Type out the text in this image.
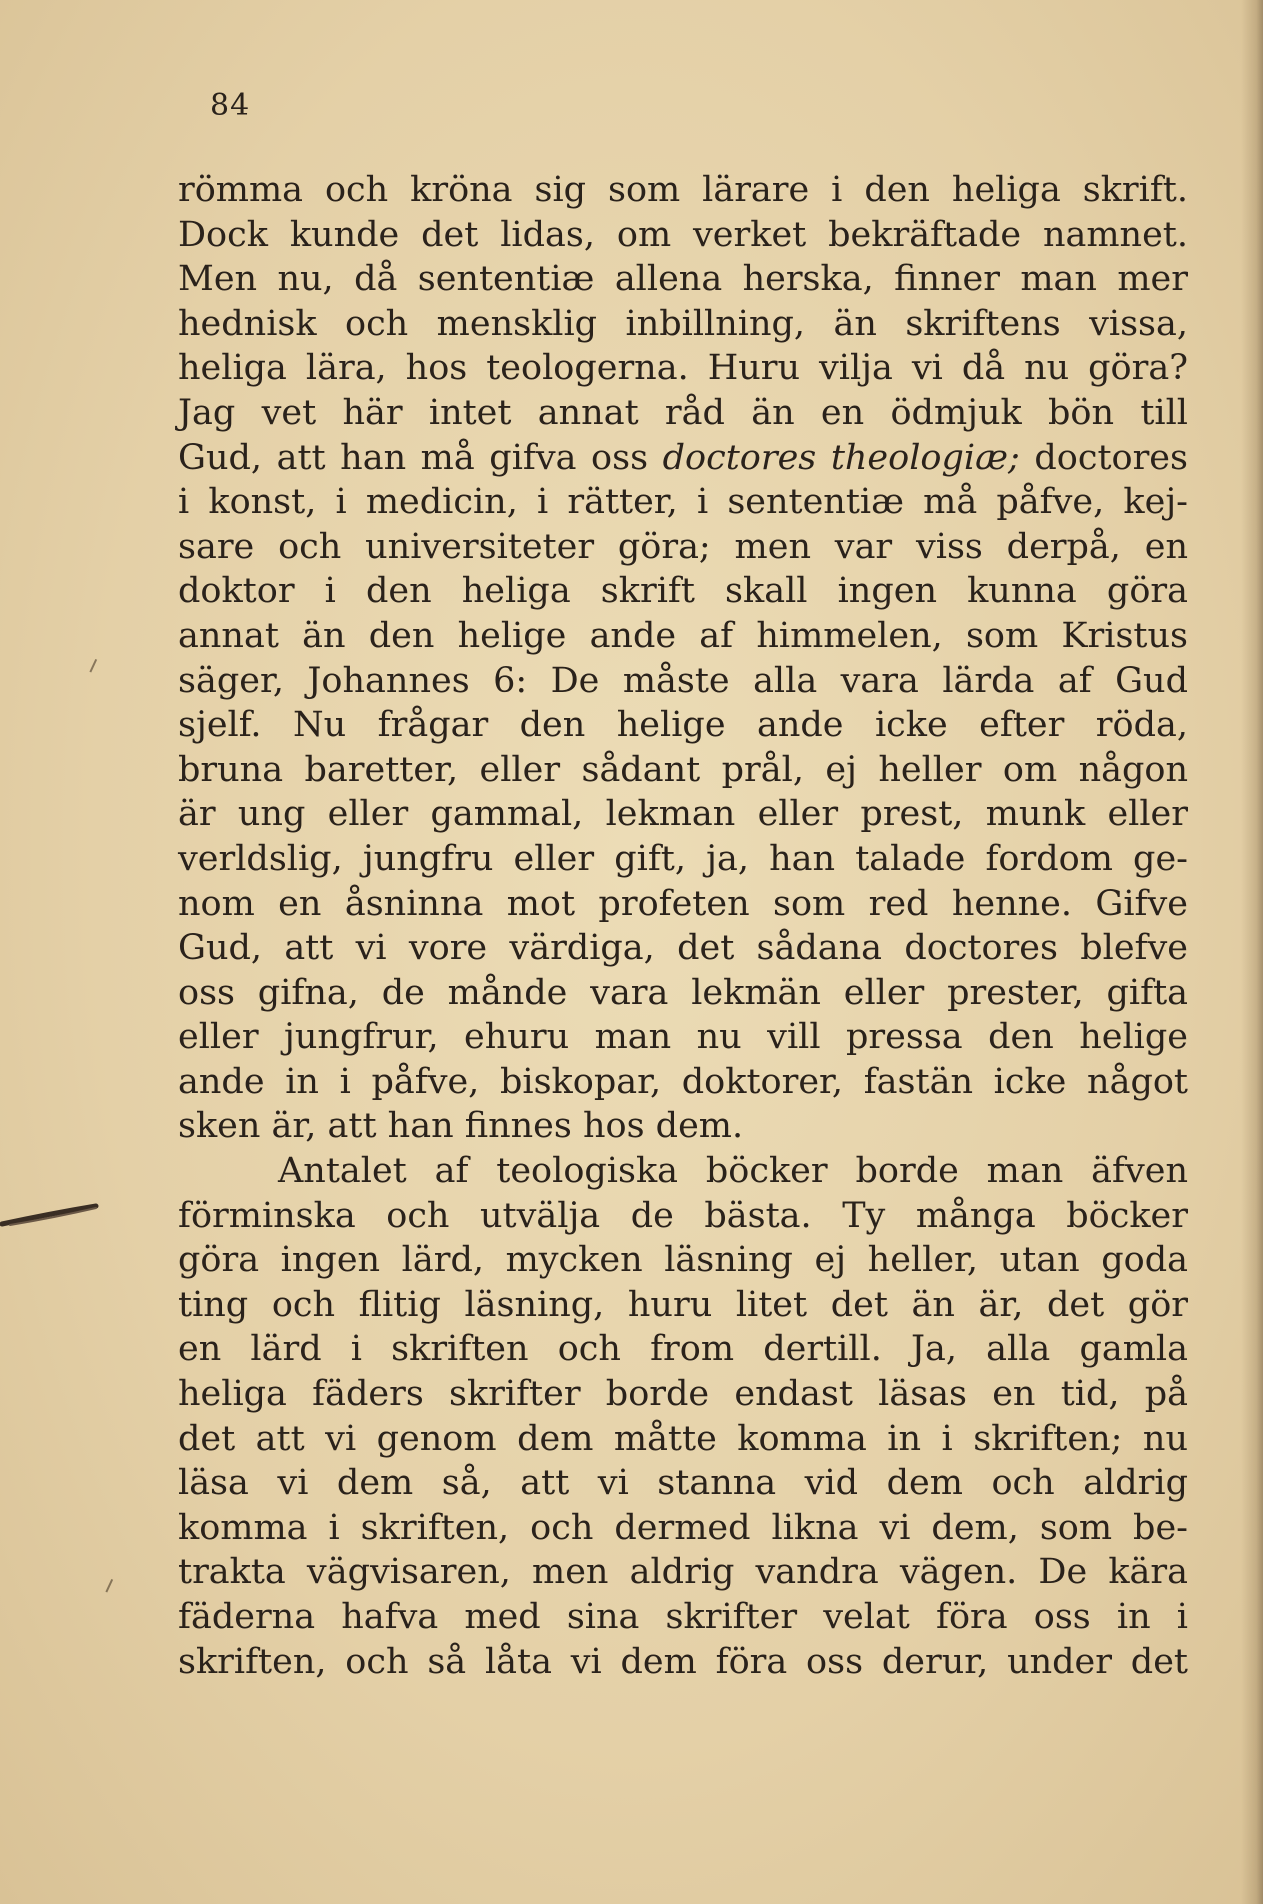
84
römma och kröna sig som lärare i den heliga skrift.
Dock kunde det lidas, om verket bekräftade namnet.
Men nu, då sententiæ allena herska, finner man mer
hednisk och mensklig inbillning, än skriftens vissa,
heliga lära, hos teologerna. Huru vilja vi då nu göra?
Jag vet här intet annat råd än en ödmjuk bön till
Gud, att han må gifva oss doctores theologiæ; doctores
i konst, i medicin, i rätter, i sententiæ må påfve, kej-
sare och universiteter göra; men var viss derpå, en
doktor i den heliga skrift skall ingen kunna göra
annat än den helige ande af himmelen, som Kristus
säger, Johannes 6: De måste alla vara lärda af Gud
sjelf. Nu frågar den helige ande icke efter röda,
bruna baretter, eller sådant prål, ej heller om någon
är ung eller gammal, lekman eller prest, munk eller
verldslig, jungfru eller gift, ja, han talade fordom ge-
nom en åsninna mot profeten som red henne. Gifve
Gud, att vi vore värdiga, det sådana doctores blefve
oss gifna, de månde vara lekmän eller prester, gifta
eller jungfrur, ehuru man nu vill pressa den helige
ande in i påfve, biskopar, doktorer, fastän icke något
sken är, att han finnes hos dem.
Antalet af teologiska böcker borde man äfven
förminska och utvälja de bästa. Ty många böcker
göra ingen lärd, mycken läsning ej heller, utan goda
ting och flitig läsning, huru litet det än är, det gör
en lärd i skriften och from dertill. Ja, alla gamla
heliga fäders skrifter borde endast läsas en tid, på
det att vi genom dem måtte komma in i skriften; nu
läsa vi dem så, att vi stanna vid dem och aldrig
komma i skriften, och dermed likna vi dem, som be-
trakta vägvisaren, men aldrig vandra vägen. De kära
fäderna hafva med sina skrifter velat föra oss in i
skriften, och så låta vi dem föra oss derur, under det
